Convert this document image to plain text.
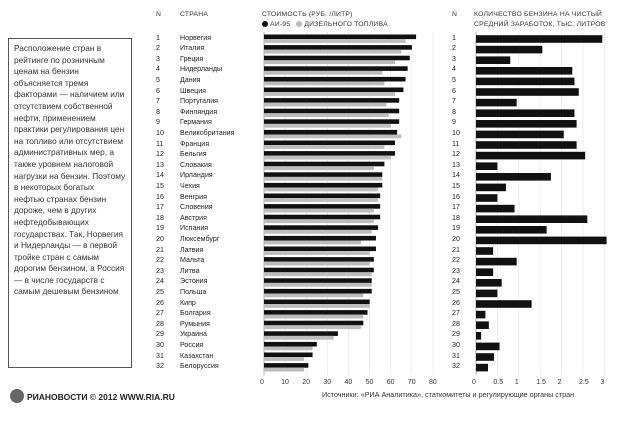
Расположение стран в рейтинге по розничным ценам на бензин объясняется тремя факторами — наличием или отсутствием собственной нефти, применением практики регулирования цен на топливо или отсутствием административных мер, а также уровнем налоговой нагрузки на бензин. Поэтому в некоторых богатых нефтью странах бензин дороже, чем в других нефтедобывающих государствах. Так, Норвегия и Нидерланды — в первой тройке стран с самым дорогим бензином, а Россия — в числе государств с самым дешевым бензином
N	СТРАНА	СТОИМОСТЬ (РУБ. /ЛИТР)
АИ-95 ДИЗЕЛЬНОГО ТОПЛИВА
N КОЛИЧЕСТВО БЕНЗИНА НА ЧИСТЫЙ
СРЕДНИЙ ЗАРАБОТОК, ТЫС. ЛИТРОВ
0 10 20 30 40 50 60 70 80
1	Норвегия
2	Италия
3	Греция
4	Нидерланды
5	Дания
6	Швеция
7	Португалия
8	Финляндия
9	Германия
10 Великобритания
11 Франция
12 Бельгия
13 Словакия
14 Ирландия
15 Чехия
16 Венгрия
17 Словения
18 Австрия
19 Испания
20 Люксембург
21 Латвия
22 Мальта
23 Литва
24 Эстония
25 Польша
26 Кипр
27 Болгария
28 Румыния
29 Украина
30 Россия
31 Казахстан
32 Белоруссия
0	0.5 1	1.5 2	2.5 3
1
2
3
4
5
6
7
8
9
10
11
12
13
14
15
16
17
18
19
20
21
22
23
24
25
26
27
28
29
30
31
32
РИАНОВОСТИ © 2012 WWW.RIA.RU	Источники: «РИА Аналитика», статкомитеты и регулирующие органы стран
